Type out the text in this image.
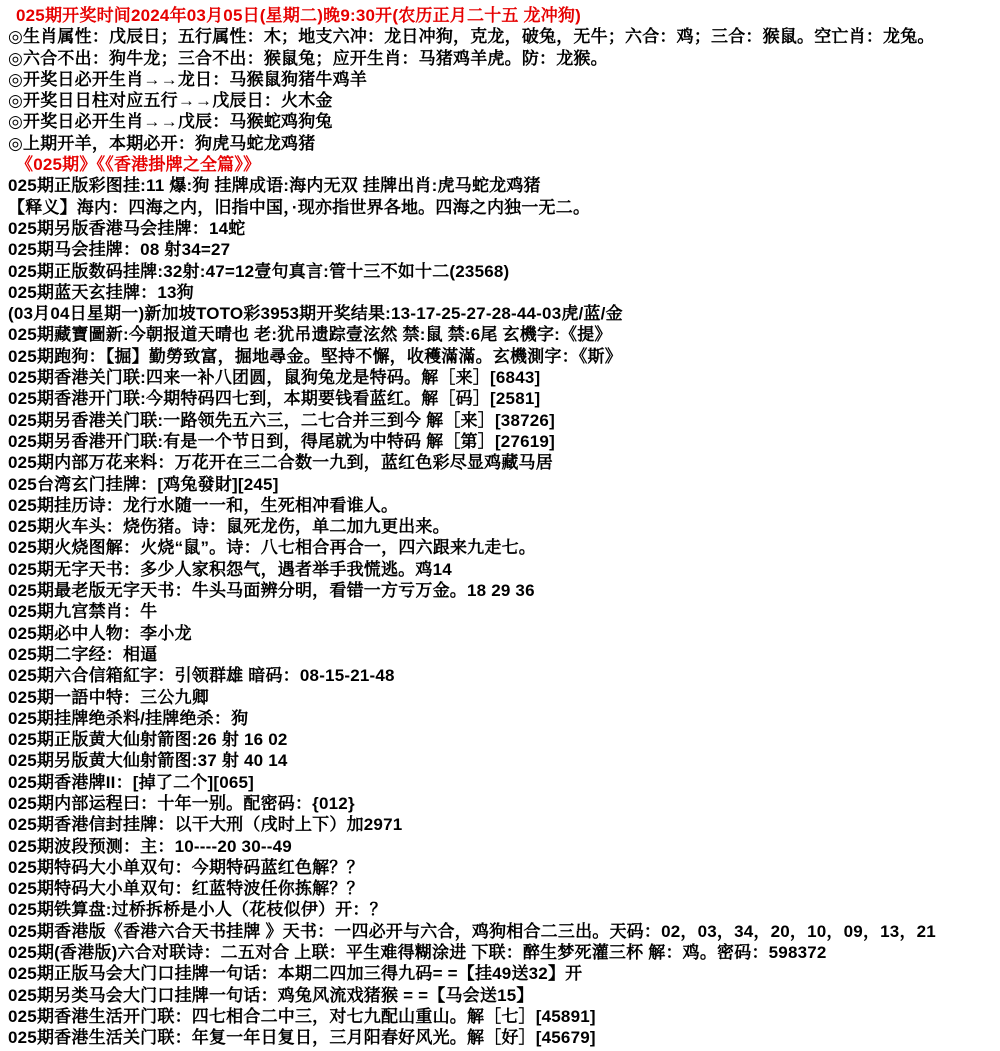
025期开奖时间2024年03月05日(星期二)晚9:30开(农历正月二十五 龙冲狗)
◎生肖属性：戊辰日；五行属性：木；地支六冲：龙日冲狗，克龙，破兔，无牛；六合：鸡；三合：猴鼠。空亡肖：龙兔。
◎六合不出：狗牛龙；三合不出：猴鼠兔；应开生肖：马猪鸡羊虎。防：龙猴。
◎开奖日必开生肖→→龙日：马猴鼠狗猪牛鸡羊
◎开奖日日柱对应五行→→戊辰日：火木金
◎开奖日必开生肖→→戊辰：马猴蛇鸡狗兔
◎上期开羊，本期必开：狗虎马蛇龙鸡猪
《025期》《《香港掛牌之全篇》》
025期正版彩图挂:11 爆:狗 挂牌成语:海内无双 挂牌出肖:虎马蛇龙鸡猪
【释义】海内：四海之内，旧指中国，·现亦指世界各地。四海之内独一无二。
025期另版香港马会挂牌：14蛇
025期马会挂牌：08 射34=27
025期正版数码挂牌:32射:47=12壹句真言:管十三不如十二(23568)
025期蓝天玄挂牌：13狗
(03月04日星期一)新加坡TOTO彩3953期开奖结果:13-17-25-27-28-44-03虎/蓝/金
025期藏寶圖新:今朝报道天晴也 老:犹吊遗踪壹泫然 禁:鼠 禁:6尾 玄機字:《提》
025期跑狗：【掘】勤勞致富，掘地尋金。堅持不懈，收穫滿滿。玄機測字：《斯》
025期香港关门联:四来一补八团圆，鼠狗兔龙是特码。解［来］[6843]
025期香港开门联:今期特码四七到，本期要钱看蓝红。解［码］[2581]
025期另香港关门联:一路领先五六三，二七合并三到今 解［来］[38726]
025期另香港开门联:有是一个节日到，得尾就为中特码 解［第］[27619]
025期内部万花来料：万花开在三二合数一九到，蓝红色彩尽显鸡藏马居
025台湾玄门挂牌：[鸡兔發財][245]
025期挂历诗：龙行水随一一和，生死相冲看谁人。
025期火车头：烧伤猪。诗：鼠死龙伤，单二加九更出来。
025期火烧图解：火烧“鼠”。诗：八七相合再合一，四六跟来九走七。
025期无字天书：多少人家积怨气，遇者举手我慌逃。鸡14
025期最老版无字天书：牛头马面辨分明，看错一方亏万金。18 29 36
025期九宫禁肖：牛
025期必中人物：李小龙
025期二字经：相逼
025期六合信箱紅字：引领群雄 暗码：08-15-21-48
025期一語中特：三公九卿
025期挂牌绝杀料/挂牌绝杀：狗
025期正版黄大仙射箭图:26 射 16 02
025期另版黄大仙射箭图:37 射 40 14
025期香港牌II：[掉了二个][065]
025期内部运程曰：十年一别。配密码：{012}
025期香港信封挂牌：以干大刑（戌时上下）加2971
025期波段预测：主：10----20 30--49
025期特码大小单双句：今期特码蓝红色解？？
025期特码大小单双句：红蓝特波任你拣解？？
025期铁算盘:过桥拆桥是小人（花枝似伊）开：？
025期香港版《香港六合天书挂牌 》天书：一四必开与六合，鸡狗相合二三出。天码：02，03，34，20，10，09，13，21
025期(香港版)六合对联诗：二五对合 上联：平生难得糊涂进 下联：醉生梦死灌三杯 解：鸡。密码：598372
025期正版马会大门口挂牌一句话：本期二四加三得九码= =【挂49送32】开
025期另类马会大门口挂牌一句话：鸡兔风流戏猪猴 = =【马会送15】
025期香港生活开门联：四七相合二中三，对七九配山重山。解［七］[45891]
025期香港生活关门联：年复一年日复日，三月阳春好风光。解［好］[45679]
